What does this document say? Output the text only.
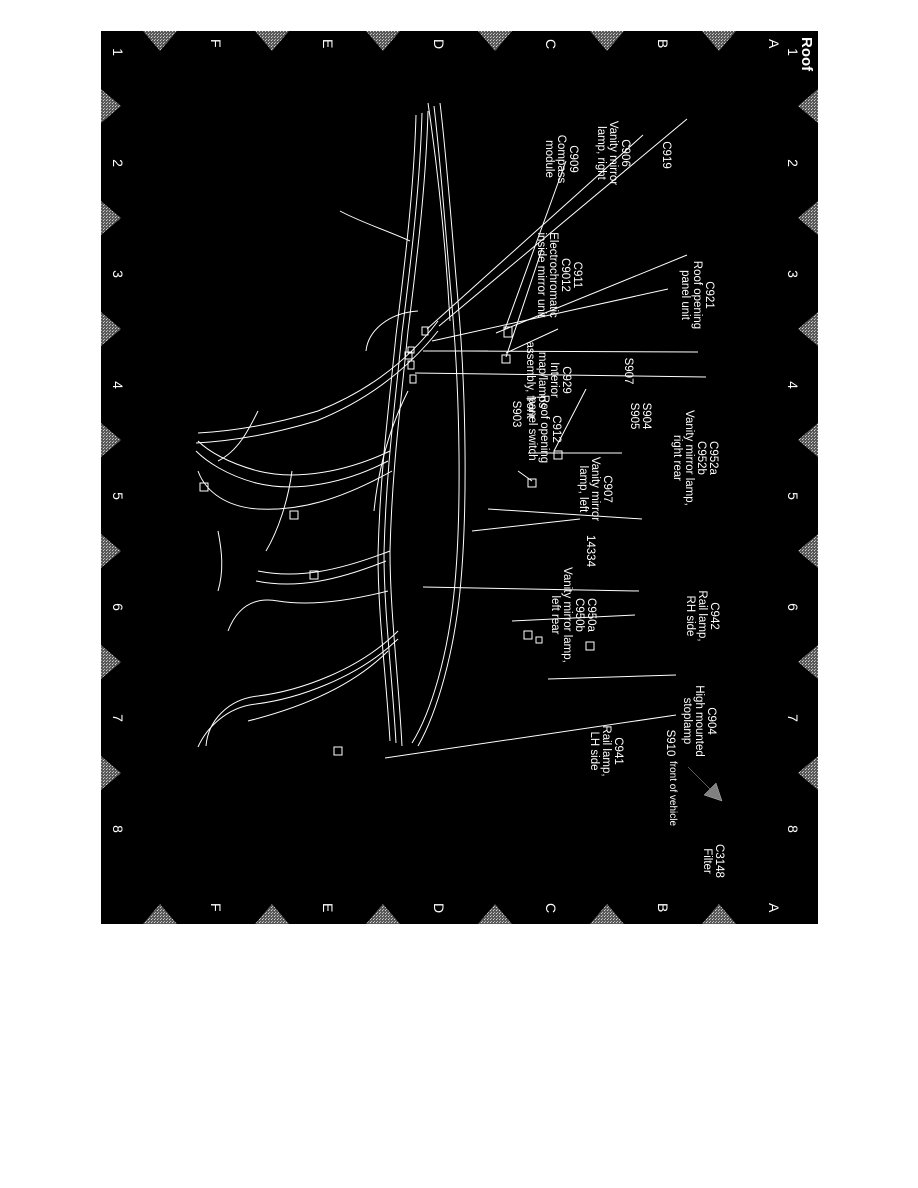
Roof
1
1
2
2
3
3
4
4
5
5
6
6
7
7
8
8
A
A
B
B
C
C
D
D
E
E
F
F
C919
C906
Vanity mirror
lamp, right
C909
Compass
module
C921
Roof opening
panel unit
C911
C9012
Electrochromatic
inside mirror unit
S907
C929
Interior
map/lamps
assembly, front
S903	S904
S905
C912
Roof opening
panel switch	C952a
C952b
Vanity mirror lamp,
right rear
C907
Vanity mirror
lamp, left
14334
C942
Rail lamp,
RH side
C950a
C950b
Vanity mirror lamp,
left rear
C904
High mounted
stoplamp
S910
C941
Rail lamp,
LH side
C3148
Filter
front of vehicle
